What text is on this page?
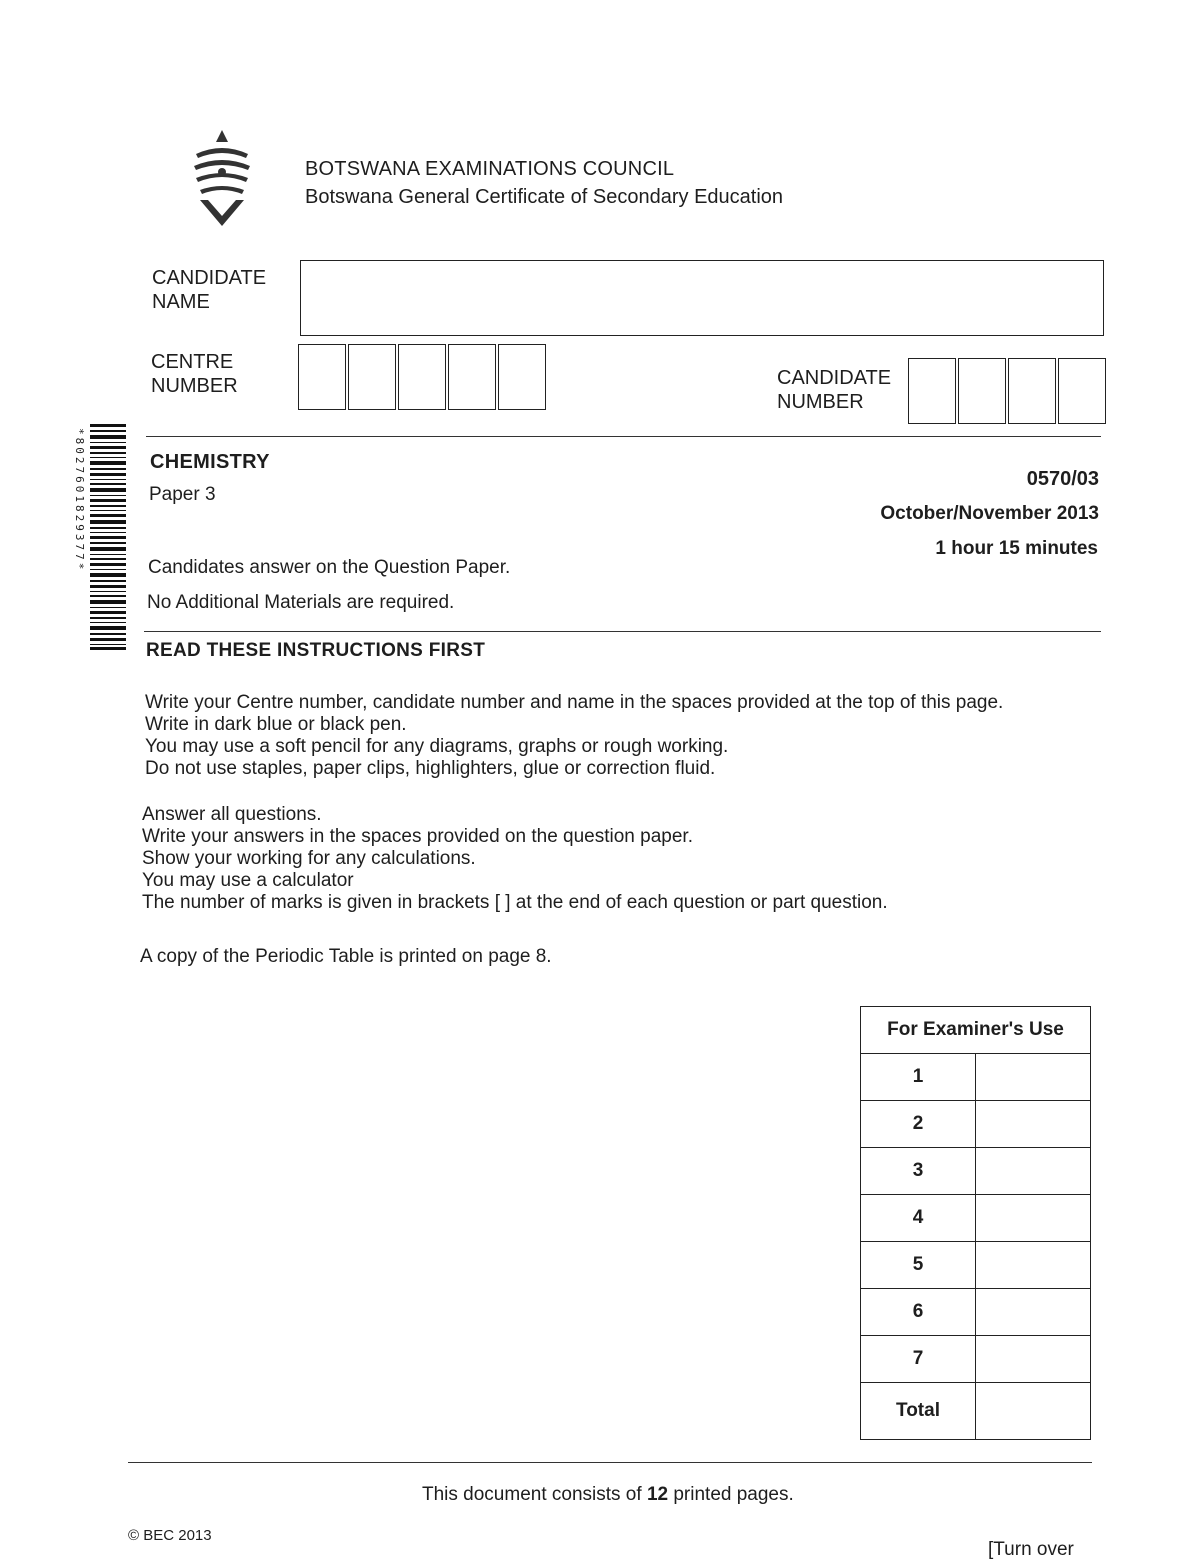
BOTSWANA EXAMINATIONS COUNCIL
Botswana General Certificate of Secondary Education
CANDIDATE
NAME
CENTRE
NUMBER	CANDIDATE
NUMBER
*8027601829377*	CHEMISTRY
Paper 3
0570/03
October/November 2013
1 hour 15 minutes
Candidates answer on the Question Paper.
No Additional Materials are required.
READ THESE INSTRUCTIONS FIRST
Write your Centre number, candidate number and name in the spaces provided at the top of this page.
Write in dark blue or black pen.
You may use a soft pencil for any diagrams, graphs or rough working.
Do not use staples, paper clips, highlighters, glue or correction fluid.
Answer all questions.
Write your answers in the spaces provided on the question paper.
Show your working for any calculations.
You may use a calculator
The number of marks is given in brackets [ ] at the end of each question or part question.
A copy of the Periodic Table is printed on page 8.
For Examiner's Use	
1	
2	
3	
4	
5	
6	
7	
Total	
This document consists of 12 printed pages.
© BEC 2013
[Turn over
